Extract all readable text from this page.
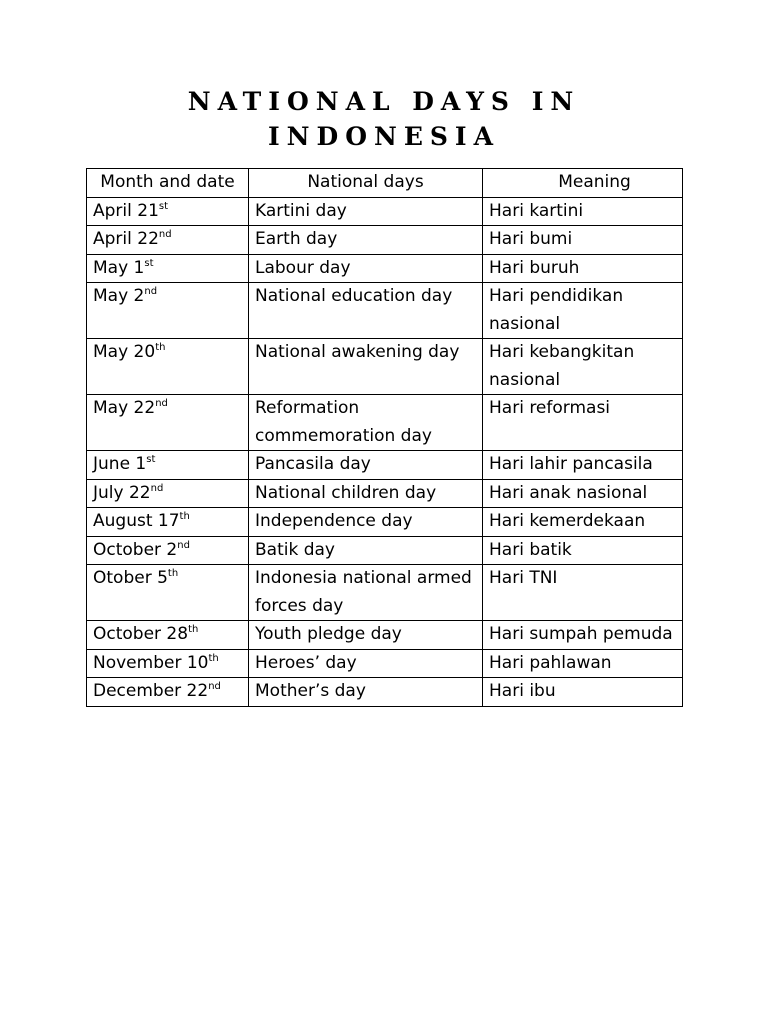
NATIONAL DAYS IN
INDONESIA
Month and date	National days	Meaning
April 21st	Kartini day	Hari kartini
April 22nd	Earth day	Hari bumi
May 1st	Labour day	Hari buruh
May 2nd	National education day	Hari pendidikan nasional
May 20th	National awakening day	Hari kebangkitan nasional
May 22nd	Reformation commemoration day	Hari reformasi
June 1st	Pancasila day	Hari lahir pancasila
July 22nd	National children day	Hari anak nasional
August 17th	Independence day	Hari kemerdekaan
October 2nd	Batik day	Hari batik
Otober 5th	Indonesia national armed forces day	Hari TNI
October 28th	Youth pledge day	Hari sumpah pemuda
November 10th	Heroes’ day	Hari pahlawan
December 22nd	Mother’s day	Hari ibu
